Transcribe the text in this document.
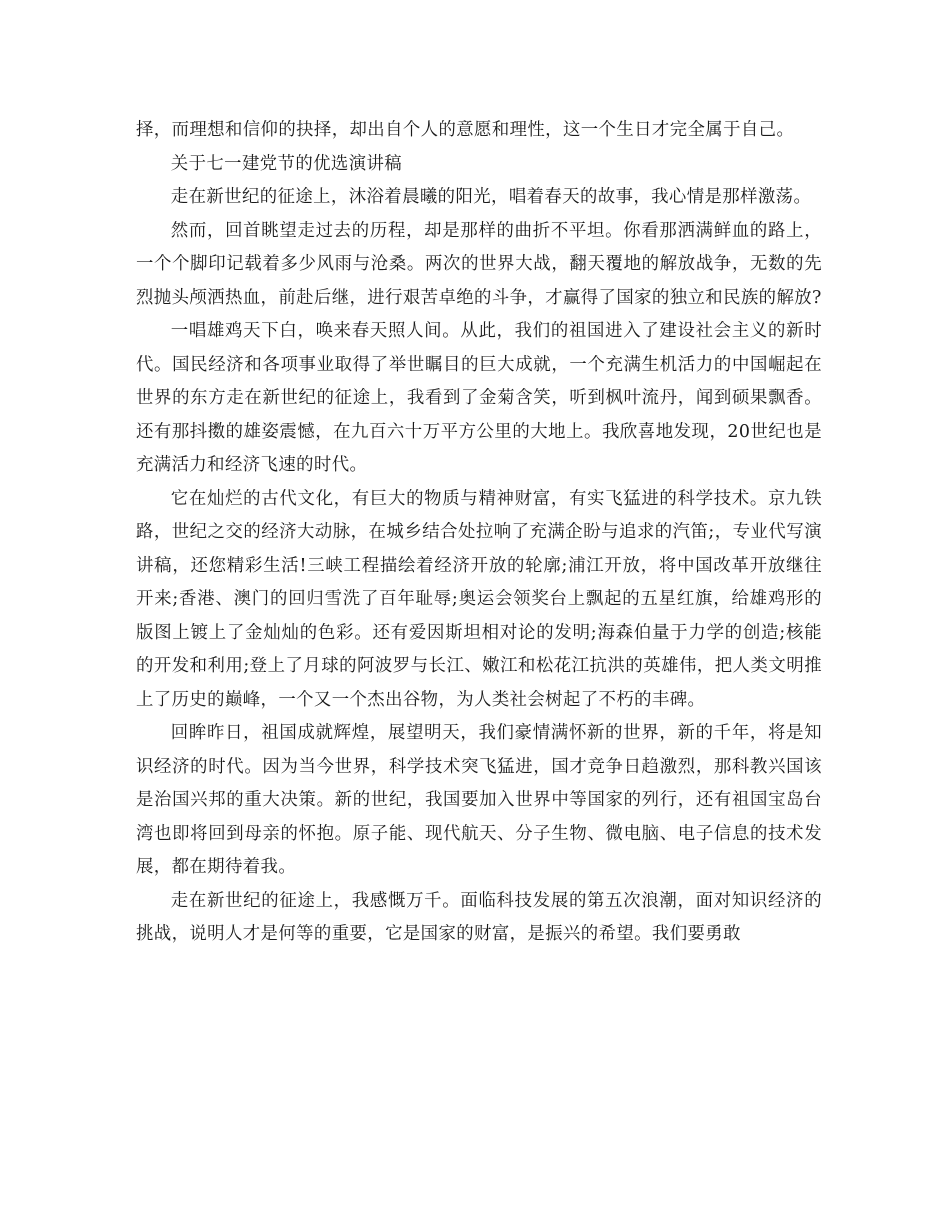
择，而理想和信仰的抉择，却出自个人的意愿和理性，这一个生日才完全属于自己。

关于七一建党节的优选演讲稿

走在新世纪的征途上，沐浴着晨曦的阳光，唱着春天的故事，我心情是那样激荡。

然而，回首眺望走过去的历程，却是那样的曲折不平坦。你看那洒满鲜血的路上，一个个脚印记载着多少风雨与沧桑。两次的世界大战，翻天覆地的解放战争，无数的先烈抛头颅洒热血，前赴后继，进行艰苦卓绝的斗争，才赢得了国家的独立和民族的解放?

一唱雄鸡天下白，唤来春天照人间。从此，我们的祖国进入了建设社会主义的新时代。国民经济和各项事业取得了举世瞩目的巨大成就，一个充满生机活力的中国崛起在世界的东方走在新世纪的征途上，我看到了金菊含笑，听到枫叶流丹，闻到硕果飘香。还有那抖擞的雄姿震憾，在九百六十万平方公里的大地上。我欣喜地发现，20世纪也是充满活力和经济飞速的时代。

它在灿烂的古代文化，有巨大的物质与精神财富，有实飞猛进的科学技术。京九铁路，世纪之交的经济大动脉，在城乡结合处拉响了充满企盼与追求的汽笛;，专业代写演讲稿，还您精彩生活!三峡工程描绘着经济开放的轮廓;浦江开放，将中国改革开放继往开来;香港、澳门的回归雪洗了百年耻辱;奥运会领奖台上飘起的五星红旗，给雄鸡形的版图上镀上了金灿灿的色彩。还有爱因斯坦相对论的发明;海森伯量于力学的创造;核能的开发和利用;登上了月球的阿波罗与长江、嫩江和松花江抗洪的英雄伟，把人类文明推上了历史的巅峰，一个又一个杰出谷物，为人类社会树起了不朽的丰碑。

回眸昨日，祖国成就辉煌，展望明天，我们豪情满怀新的世界，新的千年，将是知识经济的时代。因为当今世界，科学技术突飞猛进，国才竞争日趋激烈，那科教兴国该是治国兴邦的重大决策。新的世纪，我国要加入世界中等国家的列行，还有祖国宝岛台湾也即将回到母亲的怀抱。原子能、现代航天、分子生物、微电脑、电子信息的技术发展，都在期待着我。

走在新世纪的征途上，我感慨万千。面临科技发展的第五次浪潮，面对知识经济的挑战，说明人才是何等的重要，它是国家的财富，是振兴的希望。我们要勇敢
